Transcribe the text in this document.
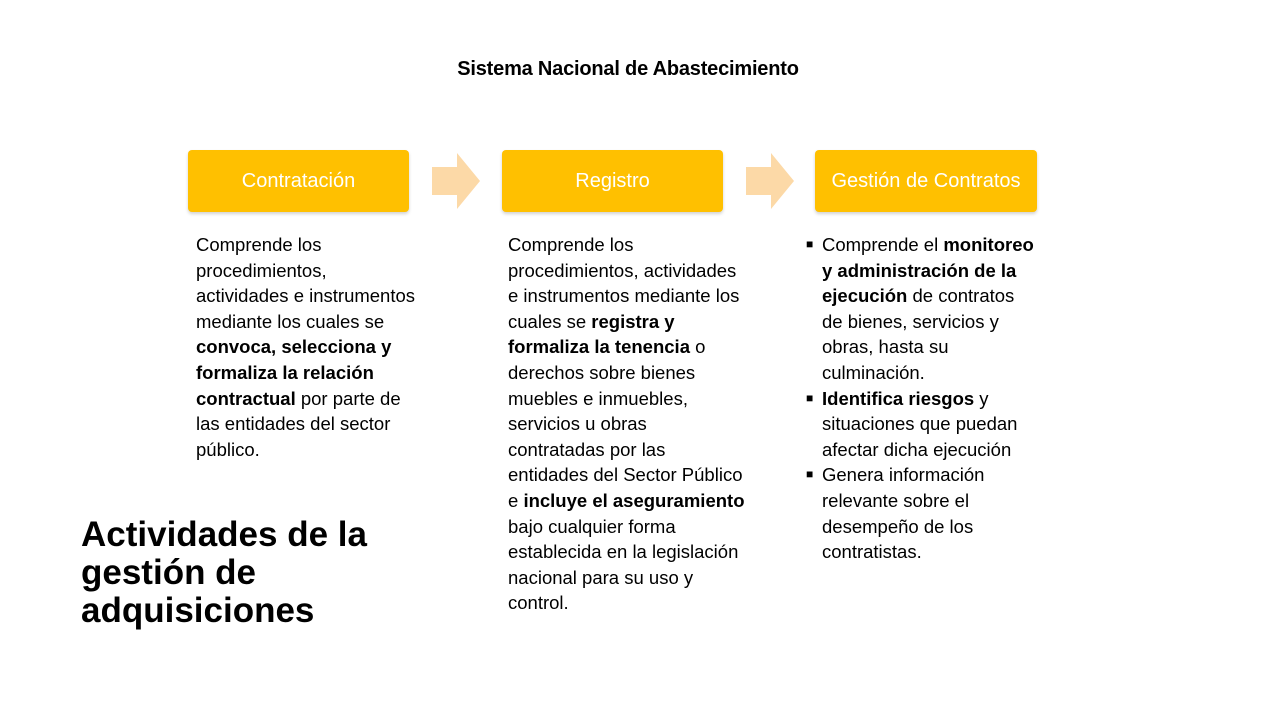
Sistema Nacional de Abastecimiento
Contratación	Registro	Gestión de Contratos

Comprende los procedimientos, actividades e instrumentos mediante los cuales se convoca, selecciona y formaliza la relación contractual por parte de las entidades del sector público.

Comprende los procedimientos, actividades e instrumentos mediante los cuales se registra y formaliza la tenencia o derechos sobre bienes muebles e inmuebles, servicios u obras contratadas por las entidades del Sector Público e incluye el aseguramiento bajo cualquier forma establecida en la legislación nacional para su uso y control.

■ Comprende el monitoreo y administración de la ejecución de contratos de bienes, servicios y obras, hasta su culminación.
■ Identifica riesgos y situaciones que puedan afectar dicha ejecución
■ Genera información relevante sobre el desempeño de los contratistas.
Actividades de la
gestión de
adquisiciones
